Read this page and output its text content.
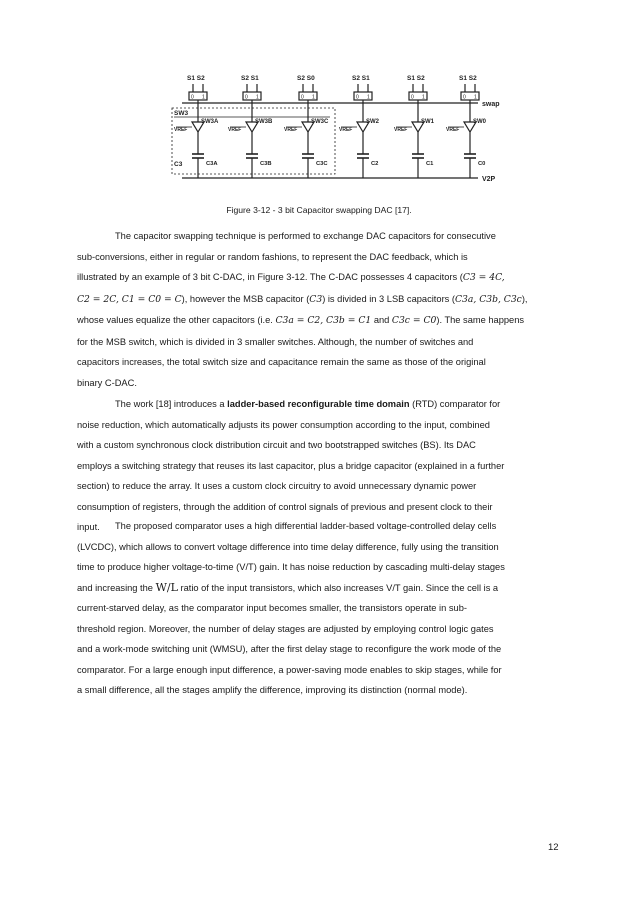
swap
SW3
C3
V2P
S1 S2
0 1
SW3A
VREF
C3A
S2 S1
0 1
SW3B
VREF
C3B
S2 S0
0 1
SW3C
VREF
C3C
S2 S1
0 1
SW2
VREF
C2
S1 S2
0 1
SW1
VREF
C1
S1 S2
0 1
SW0
VREF
C0
Figure 3-12 - 3 bit Capacitor swapping DAC [17].

The capacitor swapping technique is performed to exchange DAC capacitors for consecutive

sub-conversions, either in regular or random fashions, to represent the DAC feedback, which is

illustrated by an example of 3 bit C-DAC, in Figure 3-12. The C-DAC possesses 4 capacitors (C3 = 4C,

C2 = 2C, C1 = C0 = C), however the MSB capacitor (C3) is divided in 3 LSB capacitors (C3a, C3b, C3c),

whose values equalize the other capacitors (i.e. C3a = C2, C3b = C1 and C3c = C0). The same happens

for the MSB switch, which is divided in 3 smaller switches. Although, the number of switches and

capacitors increases, the total switch size and capacitance remain the same as those of the original

binary C-DAC.

The work [18] introduces a ladder-based reconfigurable time domain (RTD) comparator for

noise reduction, which automatically adjusts its power consumption according to the input, combined

with a custom synchronous clock distribution circuit and two bootstrapped switches (BS). Its DAC

employs a switching strategy that reuses its last capacitor, plus a bridge capacitor (explained in a further

section) to reduce the array. It uses a custom clock circuitry to avoid unnecessary dynamic power

consumption of registers, through the addition of control signals of previous and present clock to their

input.	The proposed comparator uses a high differential ladder-based voltage-controlled delay cells

(LVCDC), which allows to convert voltage difference into time delay difference, fully using the transition

time to produce higher voltage-to-time (V/T) gain. It has noise reduction by cascading multi-delay stages

and increasing the W/L ratio of the input transistors, which also increases V/T gain. Since the cell is a

current-starved delay, as the comparator input becomes smaller, the transistors operate in sub-

threshold region. Moreover, the number of delay stages are adjusted by employing control logic gates

and a work-mode switching unit (WMSU), after the first delay stage to reconfigure the work mode of the

comparator. For a large enough input difference, a power-saving mode enables to skip stages, while for

a small difference, all the stages amplify the difference, improving its distinction (normal mode).

12
